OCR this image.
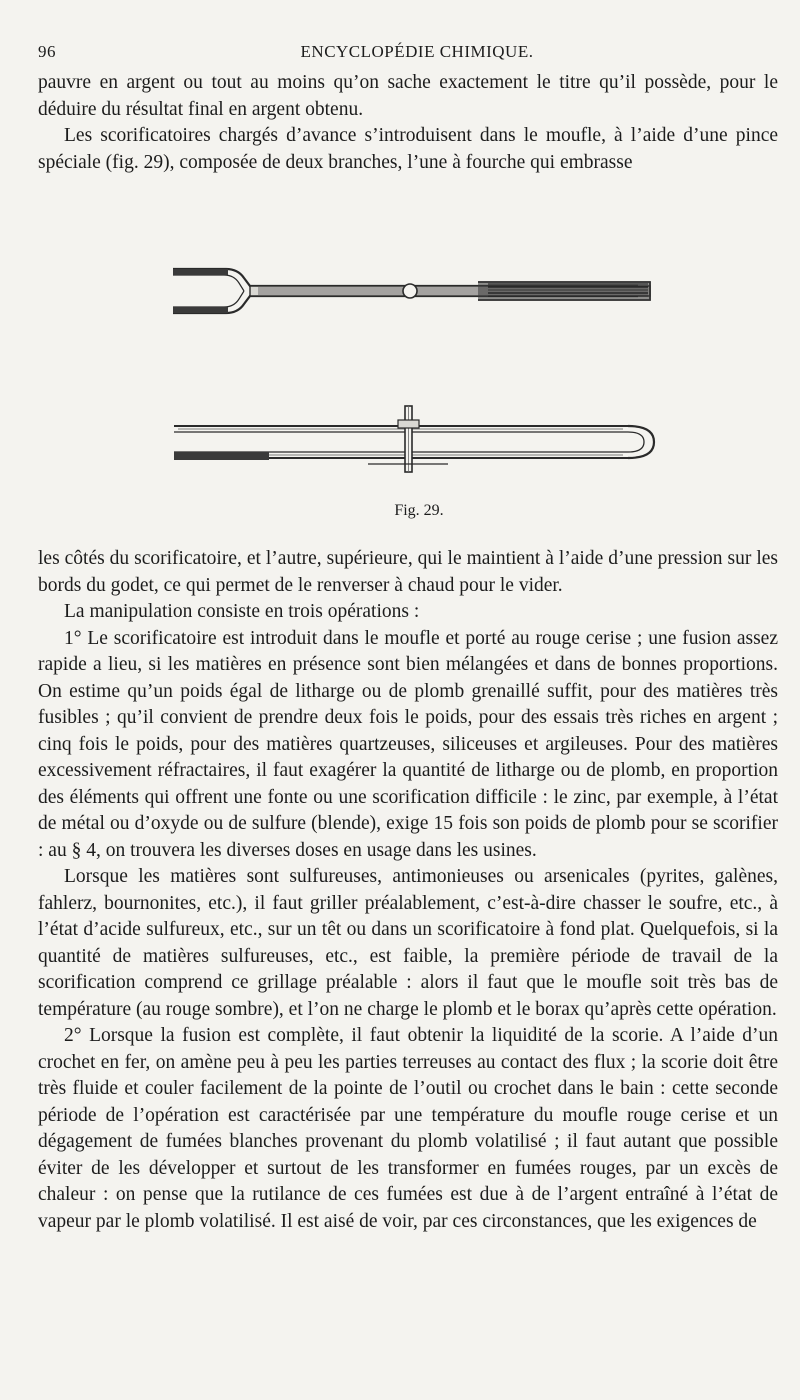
96	ENCYCLOPÉDIE CHIMIQUE.

pauvre en argent ou tout au moins qu’on sache exactement le titre qu’il possède, pour le déduire du résultat final en argent obtenu.

Les scorificatoires chargés d’avance s’introduisent dans le moufle, à l’aide d’une pince spéciale (fig. 29), composée de deux branches, l’une à fourche qui embrasse

Fig. 29.

les côtés du scorificatoire, et l’autre, supérieure, qui le maintient à l’aide d’une pression sur les bords du godet, ce qui permet de le renverser à chaud pour le vider.

La manipulation consiste en trois opérations :

1° Le scorificatoire est introduit dans le moufle et porté au rouge cerise ; une fusion assez rapide a lieu, si les matières en présence sont bien mélangées et dans de bonnes proportions. On estime qu’un poids égal de litharge ou de plomb grenaillé suffit, pour des matières très fusibles ; qu’il convient de prendre deux fois le poids, pour des essais très riches en argent ; cinq fois le poids, pour des matières quartzeuses, siliceuses et argileuses. Pour des matières excessivement réfractaires, il faut exagérer la quantité de litharge ou de plomb, en proportion des éléments qui offrent une fonte ou une scorification difficile : le zinc, par exemple, à l’état de métal ou d’oxyde ou de sulfure (blende), exige 15 fois son poids de plomb pour se scorifier : au § 4, on trouvera les diverses doses en usage dans les usines.

Lorsque les matières sont sulfureuses, antimonieuses ou arsenicales (pyrites, galènes, fahlerz, bournonites, etc.), il faut griller préalablement, c’est-à-dire chasser le soufre, etc., à l’état d’acide sulfureux, etc., sur un têt ou dans un scorificatoire à fond plat. Quelquefois, si la quantité de matières sulfureuses, etc., est faible, la première période de travail de la scorification comprend ce grillage préalable : alors il faut que le moufle soit très bas de température (au rouge sombre), et l’on ne charge le plomb et le borax qu’après cette opération.

2° Lorsque la fusion est complète, il faut obtenir la liquidité de la scorie. A l’aide d’un crochet en fer, on amène peu à peu les parties terreuses au contact des flux ; la scorie doit être très fluide et couler facilement de la pointe de l’outil ou crochet dans le bain : cette seconde période de l’opération est caractérisée par une température du moufle rouge cerise et un dégagement de fumées blanches provenant du plomb volatilisé ; il faut autant que possible éviter de les développer et surtout de les transformer en fumées rouges, par un excès de chaleur : on pense que la rutilance de ces fumées est due à de l’argent entraîné à l’état de vapeur par le plomb volatilisé. Il est aisé de voir, par ces circonstances, que les exigences de
